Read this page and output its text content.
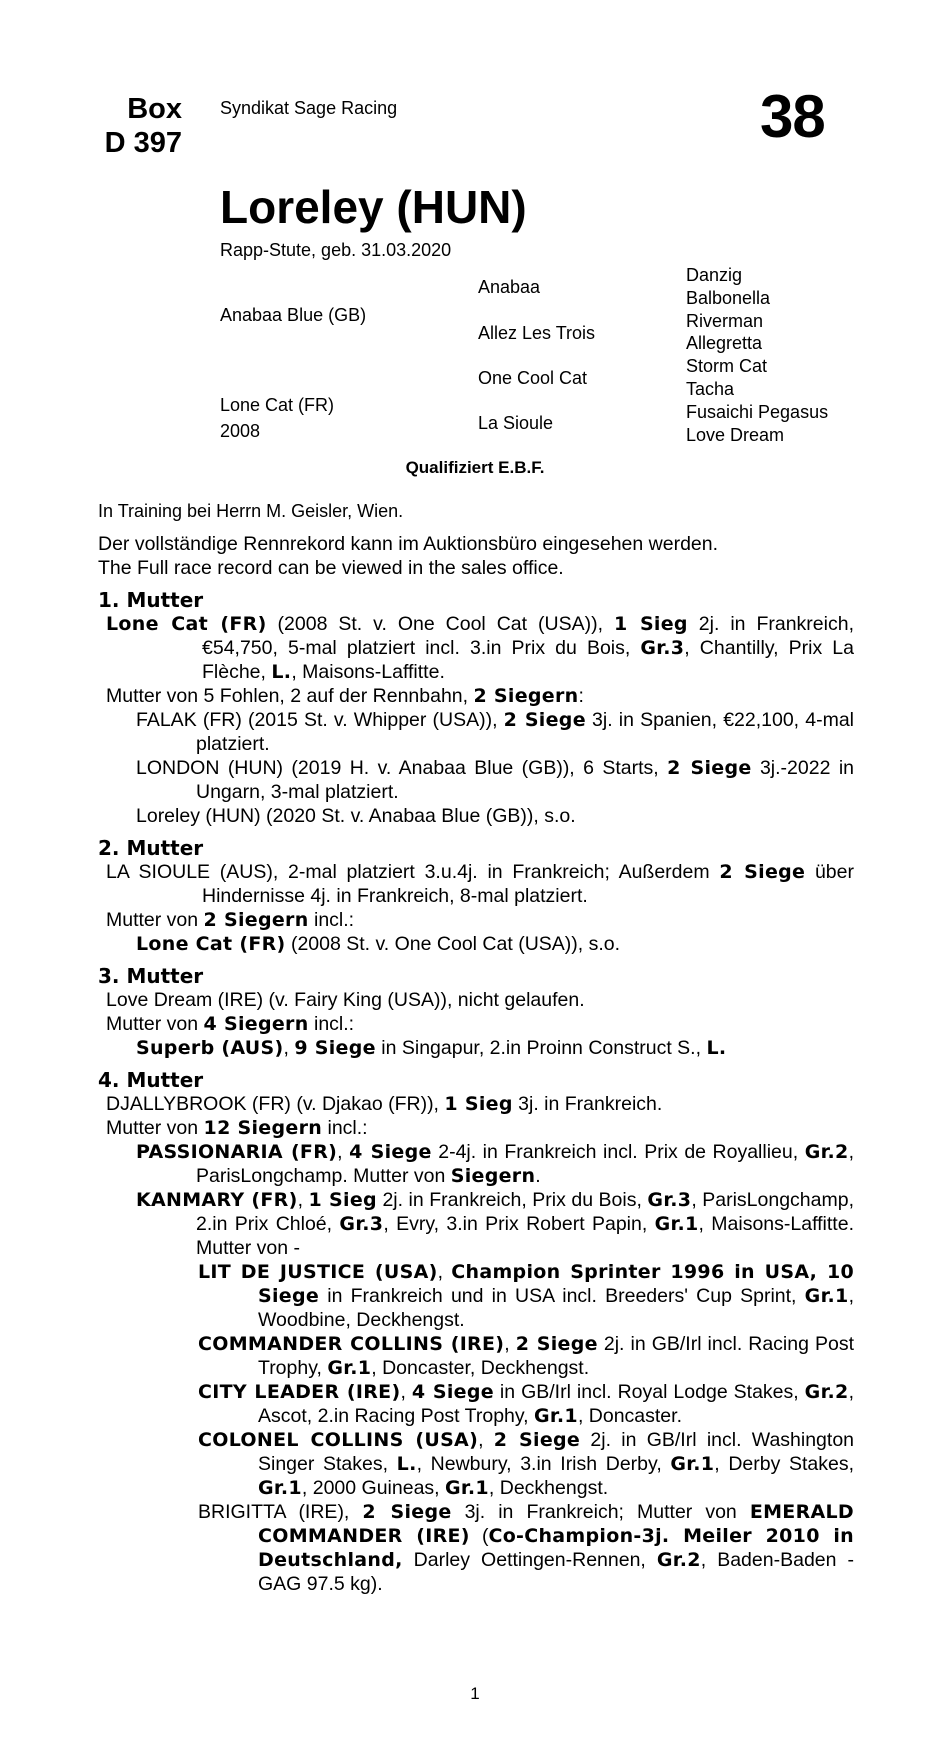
Box
D 397
Syndikat Sage Racing	38
Loreley (HUN)
Rapp-Stute, geb. 31.03.2020
Anabaa Blue (GB)
Lone Cat (FR)
2008
Anabaa
Allez Les Trois
One Cool Cat
La Sioule
Danzig
Balbonella
Riverman
Allegretta
Storm Cat
Tacha
Fusaichi Pegasus
Love Dream
Qualifiziert E.B.F.

In Training bei Herrn M. Geisler, Wien.

Der vollständige Rennrekord kann im Auktionsbüro eingesehen werden.

The Full race record can be viewed in the sales office.

1. Mutter

Lone Cat (FR) (2008 St. v. One Cool Cat (USA)), 1 Sieg 2j. in Frankreich, €54,750, 5-mal platziert incl. 3.in Prix du Bois, Gr.3, Chantilly, Prix La Flèche, L., Maisons-Laffitte.

Mutter von 5 Fohlen, 2 auf der Rennbahn, 2 Siegern:

FALAK (FR) (2015 St. v. Whipper (USA)), 2 Siege 3j. in Spanien, €22,100, 4-mal platziert.

LONDON (HUN) (2019 H. v. Anabaa Blue (GB)), 6 Starts, 2 Siege 3j.-2022 in Ungarn, 3-mal platziert.

Loreley (HUN) (2020 St. v. Anabaa Blue (GB)), s.o.

2. Mutter

LA SIOULE (AUS), 2-mal platziert 3.u.4j. in Frankreich; Außerdem 2 Siege über Hindernisse 4j. in Frankreich, 8-mal platziert.

Mutter von 2 Siegern incl.:

Lone Cat (FR) (2008 St. v. One Cool Cat (USA)), s.o.

3. Mutter

Love Dream (IRE) (v. Fairy King (USA)), nicht gelaufen.

Mutter von 4 Siegern incl.:

Superb (AUS), 9 Siege in Singapur, 2.in Proinn Construct S., L.

4. Mutter

DJALLYBROOK (FR) (v. Djakao (FR)), 1 Sieg 3j. in Frankreich.

Mutter von 12 Siegern incl.:

PASSIONARIA (FR), 4 Siege 2-4j. in Frankreich incl. Prix de Royallieu, Gr.2, ParisLongchamp. Mutter von Siegern.

KANMARY (FR), 1 Sieg 2j. in Frankreich, Prix du Bois, Gr.3, ParisLongchamp, 2.in Prix Chloé, Gr.3, Evry, 3.in Prix Robert Papin, Gr.1, Maisons-Laffitte. Mutter von -

LIT DE JUSTICE (USA), Champion Sprinter 1996 in USA, 10 Siege in Frankreich und in USA incl. Breeders' Cup Sprint, Gr.1, Woodbine, Deckhengst.

COMMANDER COLLINS (IRE), 2 Siege 2j. in GB/Irl incl. Racing Post Trophy, Gr.1, Doncaster, Deckhengst.

CITY LEADER (IRE), 4 Siege in GB/Irl incl. Royal Lodge Stakes, Gr.2, Ascot, 2.in Racing Post Trophy, Gr.1, Doncaster.

COLONEL COLLINS (USA), 2 Siege 2j. in GB/Irl incl. Washington Singer Stakes, L., Newbury, 3.in Irish Derby, Gr.1, Derby Stakes, Gr.1, 2000 Guineas, Gr.1, Deckhengst.

BRIGITTA (IRE), 2 Siege 3j. in Frankreich; Mutter von EMERALD COMMANDER (IRE) (Co-Champion-3j. Meiler 2010 in Deutschland, Darley Oettingen-Rennen, Gr.2, Baden-Baden - GAG 97.5 kg).

1
